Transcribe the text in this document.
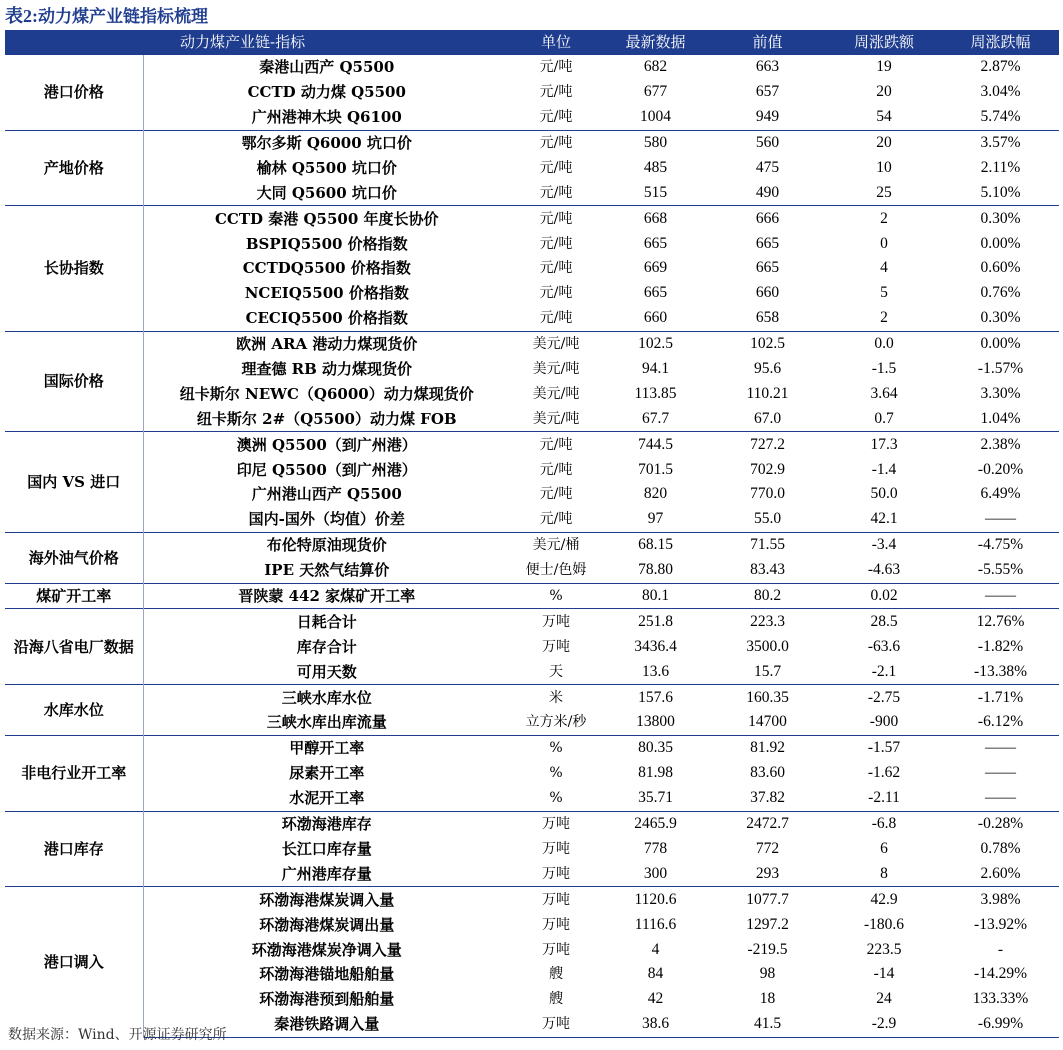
表2:动力煤产业链指标梳理
动力煤产业链-指标		单位	最新数据	前值	周涨跌额	周涨跌幅
港口价格	秦港山西产 Q5500	元/吨	682	663	19	2.87%
	CCTD 动力煤 Q5500	元/吨	677	657	20	3.04%
	广州港神木块 Q6100	元/吨	1004	949	54	5.74%
产地价格	鄂尔多斯 Q6000 坑口价	元/吨	580	560	20	3.57%
	榆林 Q5500 坑口价	元/吨	485	475	10	2.11%
	大同 Q5600 坑口价	元/吨	515	490	25	5.10%
长协指数	CCTD 秦港 Q5500 年度长协价	元/吨	668	666	2	0.30%
	BSPIQ5500 价格指数	元/吨	665	665	0	0.00%
	CCTDQ5500 价格指数	元/吨	669	665	4	0.60%
	NCEIQ5500 价格指数	元/吨	665	660	5	0.76%
	CECIQ5500 价格指数	元/吨	660	658	2	0.30%
国际价格	欧洲 ARA 港动力煤现货价	美元/吨	102.5	102.5	0.0	0.00%
	理查德 RB 动力煤现货价	美元/吨	94.1	95.6	-1.5	-1.57%
	纽卡斯尔 NEWC（Q6000）动力煤现货价	美元/吨	113.85	110.21	3.64	3.30%
	纽卡斯尔 2#（Q5500）动力煤 FOB	美元/吨	67.7	67.0	0.7	1.04%
国内 VS 进口	澳洲 Q5500（到广州港）	元/吨	744.5	727.2	17.3	2.38%
	印尼 Q5500（到广州港）	元/吨	701.5	702.9	-1.4	-0.20%
	广州港山西产 Q5500	元/吨	820	770.0	50.0	6.49%
	国内-国外（均值）价差	元/吨	97	55.0	42.1	——
海外油气价格	布伦特原油现货价	美元/桶	68.15	71.55	-3.4	-4.75%
	IPE 天然气结算价	便士/色姆	78.80	83.43	-4.63	-5.55%
煤矿开工率	晋陕蒙 442 家煤矿开工率	%	80.1	80.2	0.02	——
沿海八省电厂数据	日耗合计	万吨	251.8	223.3	28.5	12.76%
	库存合计	万吨	3436.4	3500.0	-63.6	-1.82%
	可用天数	天	13.6	15.7	-2.1	-13.38%
水库水位	三峡水库水位	米	157.6	160.35	-2.75	-1.71%
	三峡水库出库流量	立方米/秒	13800	14700	-900	-6.12%
非电行业开工率	甲醇开工率	%	80.35	81.92	-1.57	——
	尿素开工率	%	81.98	83.60	-1.62	——
	水泥开工率	%	35.71	37.82	-2.11	——
港口库存	环渤海港库存	万吨	2465.9	2472.7	-6.8	-0.28%
	长江口库存量	万吨	778	772	6	0.78%
	广州港库存量	万吨	300	293	8	2.60%
港口调入	环渤海港煤炭调入量	万吨	1120.6	1077.7	42.9	3.98%
	环渤海港煤炭调出量	万吨	1116.6	1297.2	-180.6	-13.92%
	环渤海港煤炭净调入量	万吨	4	-219.5	223.5	-
	环渤海港锚地船舶量	艘	84	98	-14	-14.29%
	环渤海港预到船舶量	艘	42	18	24	133.33%
	秦港铁路调入量	万吨	38.6	41.5	-2.9	-6.99%
数据来源：Wind、开源证券研究所
